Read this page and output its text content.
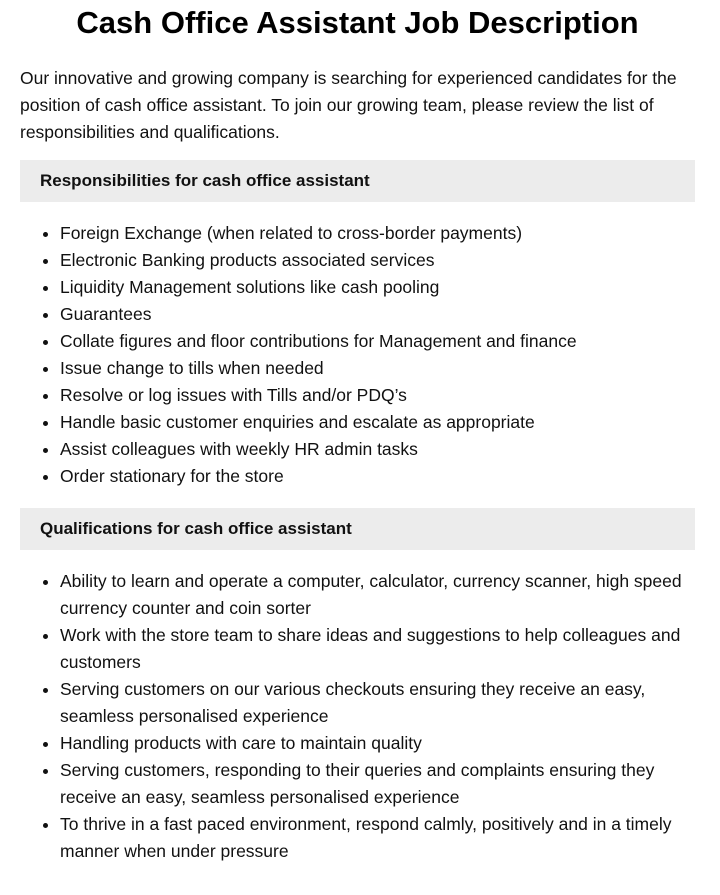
Cash Office Assistant Job Description

Our innovative and growing company is searching for experienced candidates for the position of cash office assistant. To join our growing team, please review the list of responsibilities and qualifications.

Responsibilities for cash office assistant
• Foreign Exchange (when related to cross-border payments)
• Electronic Banking products associated services
• Liquidity Management solutions like cash pooling
• Guarantees
• Collate figures and floor contributions for Management and finance
• Issue change to tills when needed
• Resolve or log issues with Tills and/or PDQ’s
• Handle basic customer enquiries and escalate as appropriate
• Assist colleagues with weekly HR admin tasks
• Order stationary for the store
Qualifications for cash office assistant
• Ability to learn and operate a computer, calculator, currency scanner, high speed currency counter and coin sorter
• Work with the store team to share ideas and suggestions to help colleagues and customers
• Serving customers on our various checkouts ensuring they receive an easy, seamless personalised experience
• Handling products with care to maintain quality
• Serving customers, responding to their queries and complaints ensuring they receive an easy, seamless personalised experience
• To thrive in a fast paced environment, respond calmly, positively and in a timely manner when under pressure
